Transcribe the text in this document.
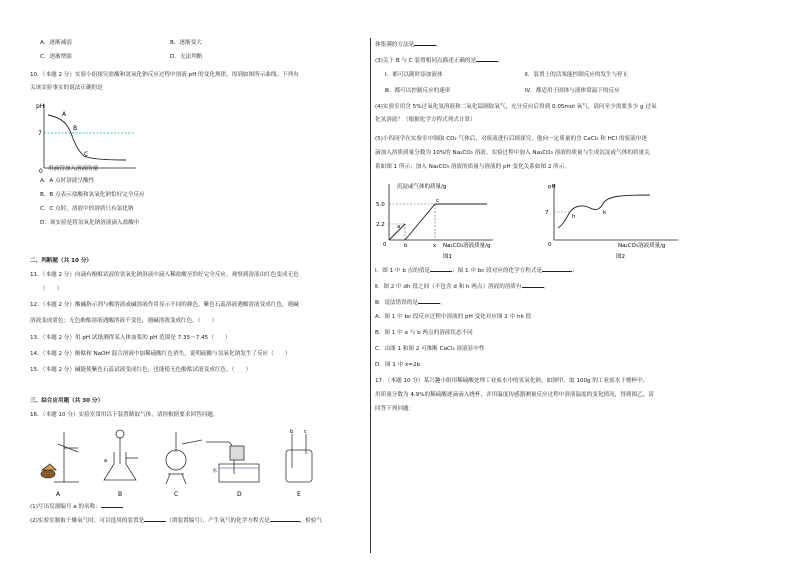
A．逐渐减弱	B．逐渐变大
C．逐渐增强	D．无法判断
10．（本题 2 分）实验小组探究盐酸和氢氧化钠反应过程中溶液 pH 的变化规律，得到如图所示曲线。下列有
关该实验事实的说法正确的是
pH
7
0
A
B
C
用滴管加入溶液的量
A．A 点时溶液呈酸性
B．B 点表示盐酸和氢氧化钠恰好完全反应
C．C 点时，溶液中的溶质只有氯化钠
D．该实验是将氢氧化钠溶液滴入盐酸中
二、判断题（共 10 分）
11．（本题 2 分）向滴有酚酞试液的氢氧化钠溶液中滴入稀盐酸至恰好完全反应，观察到溶液由红色变成无色
（　　）
12．（本题 2 分）酸碱指示剂与酸溶液或碱溶液作用显示不同的颜色。紫色石蕊溶液遇酸溶液变成红色，遇碱
溶液变成蓝色；无色酚酞溶液遇酸溶液不变色，遇碱溶液变成红色。（　　）
13．（本题 2 分）用 pH 试纸测得某人体血浆的 pH 范围是 7.35～7.45（　　）
14．（本题 2 分）酚酞和 NaOH 混合溶液中加稀硫酸红色消失，说明硫酸与氢氧化钠发生了反应（　　）
15．（本题 2 分）碱能使紫色石蕊试液变成红色，也能使无色酚酞试液变成红色。（　　）
三、综合应用题（共 30 分）
16．（本题 10 分）实验室常用以下装置制取气体，请你根据要求回答问题。
A	B	C	D	E
a
b c
水
(1)写出仪器编号 a 的名称：
(2)实验室制取干燥氧气时，可以选用的装置是	（填装置编号），产生氧气的化学方程式是	，检验气
体集满的方法是	。
(3)关于 B 与 C 装置相同点描述正确的是	。
Ⅰ．都可以随时添加液体	Ⅱ．装置上的活塞能控制反应的发生与停止
Ⅲ．都可以控制反应的速率	Ⅳ．都适用于固体与液体常温下的反应
(4)实验室用含 5%过氧化氢溶液和二氧化锰制取氧气，充分反应后得到 0.05mol 氧气，请问至少需要多少 g 过氧
化氢溶液？（根据化学方程式列式计算）
(5)小四同学在实验室中制取 CO₂ 气体后，对废液进行后续探究，他向一定质量的含 CaCl₂ 和 HCl 的废液中逐
滴加入溶质质量分数为 10%的 Na₂CO₃ 溶液。实验过程中加入 Na₂CO₃ 溶液的质量与生成沉淀或气体的质量关
系如图 1 所示；加入 Na₂CO₃ 溶液的质量与溶液的 pH 变化关系如图 2 所示。
沉淀或气体的质量/g
5.0
2.2
0
a
b
c
x Na₂CO₃溶液质量/g
图1
pH
7
0
h
k
Na₂CO₃溶液质量/g
图2
Ⅰ．图 1 中 b 点的值是	；图 1 中 bc 段对应的化学方程式是	；
Ⅱ．图 2 中 dh 段之间（不包含 d 和 h 两点）溶液的溶质有	。
Ⅲ．说法错误的是	。
A．图 1 中 bc 段反应过程中溶液的 pH 变化对应图 2 中 hk 段
B．图 1 中 a 与 b 两点的溶液状态不同
C．由图 1 和图 2 可推断 CaCl₂ 溶液显中性
D．图 1 中 x=2b
17．（本题 10 分）某兴趣小组用稀硫酸处理工业废水中的氢氧化钠，如图甲，取 100g 的工业废水于烧杯中，
用质量分数为 4.9%的稀硫酸逐滴滴入烧杯，并用温度传感器测量反应过程中溶液温度的变化情况，得到图乙。请
回答下列问题：
